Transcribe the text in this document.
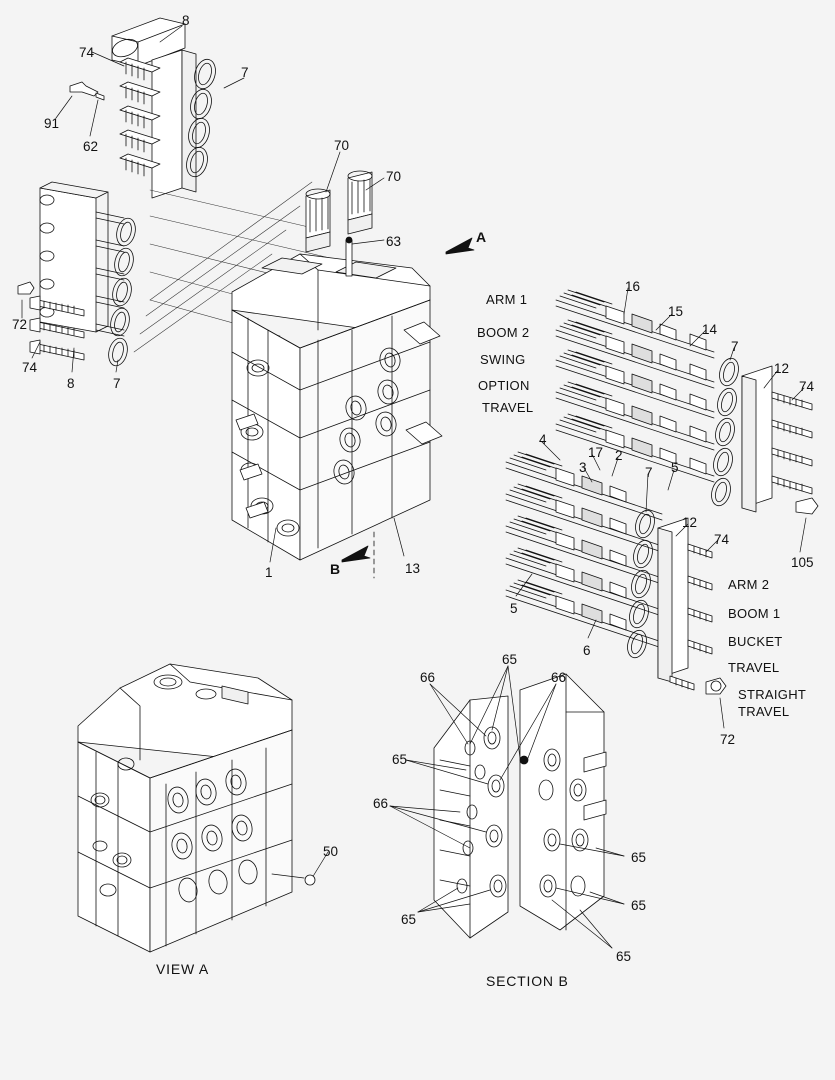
8
74
7
91
62	70
70
63	A
16
15
14
7
12
74
72
74
8	7
4
17
3
2
7 5
12
74
105
1	B	13
5
6
72
66
65
66
65
66
65
65
65
65
50
ARM 1
BOOM 2
SWING
OPTION
TRAVEL
ARM 2
BOOM 1
BUCKET
TRAVEL
STRAIGHT
TRAVEL
VIEW A
SECTION B
